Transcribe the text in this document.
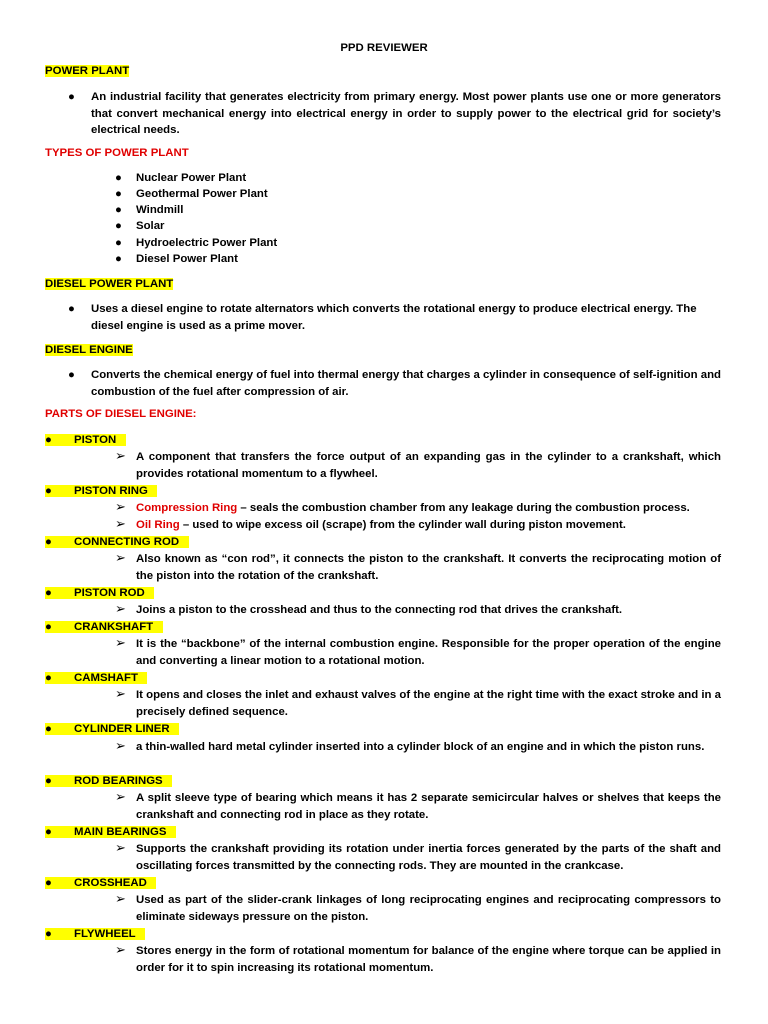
PPD REVIEWER
POWER PLANT
● An industrial facility that generates electricity from primary energy. Most power plants use one or more generators that convert mechanical energy into electrical energy in order to supply power to the electrical grid for society’s electrical needs.
TYPES OF POWER PLANT
● Nuclear Power Plant
● Geothermal Power Plant
● Windmill
● Solar
● Hydroelectric Power Plant
● Diesel Power Plant
DIESEL POWER PLANT
● Uses a diesel engine to rotate alternators which converts the rotational energy to produce electrical energy. The diesel engine is used as a prime mover.
DIESEL ENGINE
● Converts the chemical energy of fuel into thermal energy that charges a cylinder in consequence of self-ignition and combustion of the fuel after compression of air.
PARTS OF DIESEL ENGINE:
●       PISTON
➢ A component that transfers the force output of an expanding gas in the cylinder to a crankshaft, which provides rotational momentum to a flywheel.
●       PISTON RING
➢ Compression Ring – seals the combustion chamber from any leakage during the combustion process.
➢ Oil Ring – used to wipe excess oil (scrape) from the cylinder wall during piston movement.
●       CONNECTING ROD
➢ Also known as “con rod”, it connects the piston to the crankshaft. It converts the reciprocating motion of the piston into the rotation of the crankshaft.
●       PISTON ROD
➢ Joins a piston to the crosshead and thus to the connecting rod that drives the crankshaft.
●       CRANKSHAFT
➢ It is the “backbone” of the internal combustion engine. Responsible for the proper operation of the engine and converting a linear motion to a rotational motion.
●       CAMSHAFT
➢ It opens and closes the inlet and exhaust valves of the engine at the right time with the exact stroke and in a precisely defined sequence.
●       CYLINDER LINER
➢ a thin-walled hard metal cylinder inserted into a cylinder block of an engine and in which the piston runs.
●       ROD BEARINGS
➢ A split sleeve type of bearing which means it has 2 separate semicircular halves or shelves that keeps the crankshaft and connecting rod in place as they rotate.
●       MAIN BEARINGS
➢ Supports the crankshaft providing its rotation under inertia forces generated by the parts of the shaft and oscillating forces transmitted by the connecting rods. They are mounted in the crankcase.
●       CROSSHEAD
➢ Used as part of the slider-crank linkages of long reciprocating engines and reciprocating compressors to eliminate sideways pressure on the piston.
●       FLYWHEEL
➢ Stores energy in the form of rotational momentum for balance of the engine where torque can be applied in order for it to spin increasing its rotational momentum.
